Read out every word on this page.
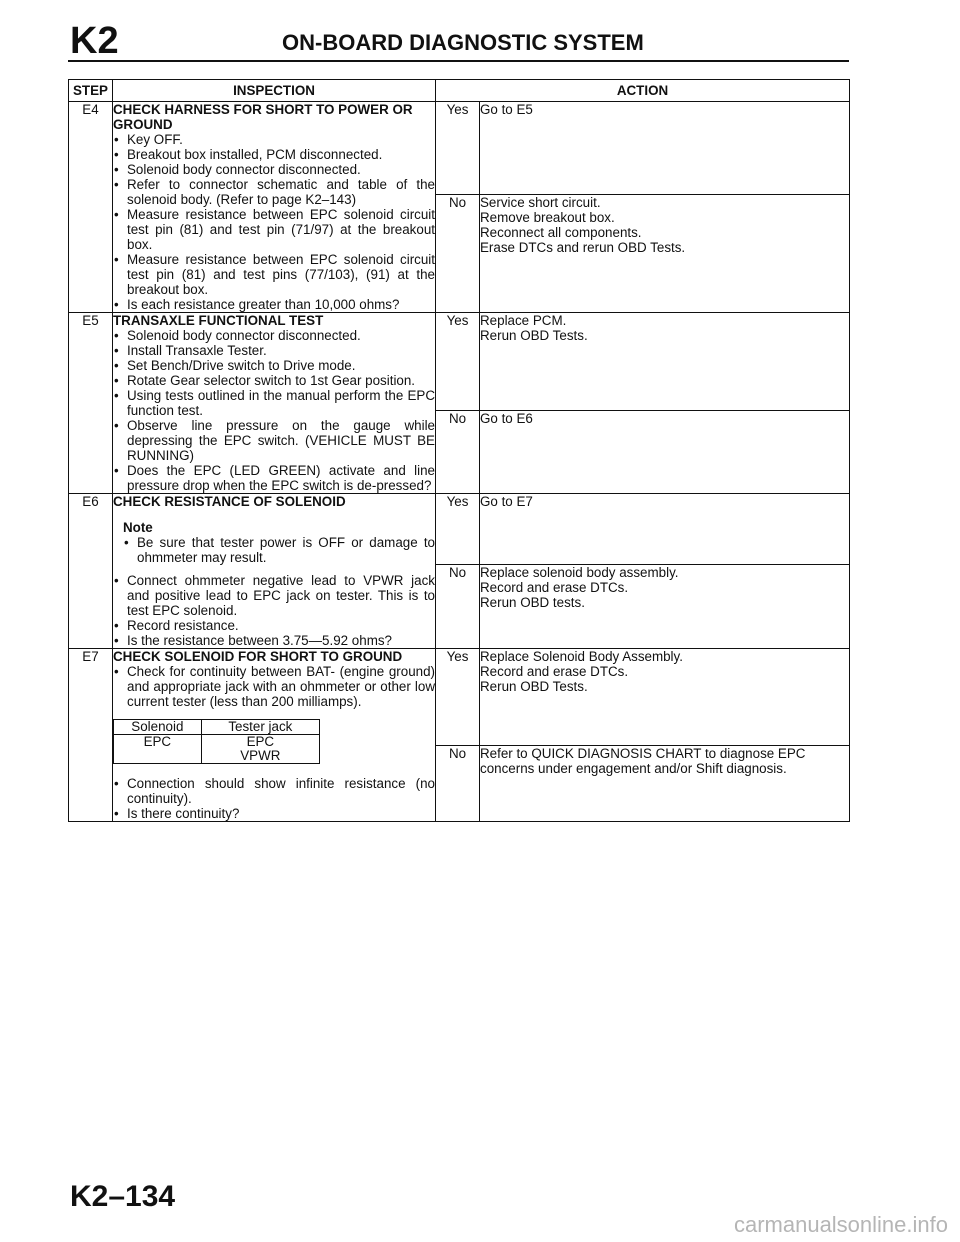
K2	ON-BOARD DIAGNOSTIC SYSTEM
STEP	INSPECTION	ACTION
E4	CHECK HARNESS FOR SHORT TO POWER OR GROUND
• Key OFF.
• Breakout box installed, PCM disconnected.
• Solenoid body connector disconnected.
• Refer to connector schematic and table of the solenoid body. (Refer to page K2–143)
• Measure resistance between EPC solenoid circuit test pin (81) and test pin (71/97) at the breakout box.
• Measure resistance between EPC solenoid circuit test pin (81) and test pins (77/103), (91) at the breakout box.
• Is each resistance greater than 10,000 ohms?
	Yes	Go to E5

No	Service short circuit.
Remove breakout box.
Reconnect all components.
Erase DTCs and rerun OBD Tests.

E5	TRANSAXLE FUNCTIONAL TEST
• Solenoid body connector disconnected.
• Install Transaxle Tester.
• Set Bench/Drive switch to Drive mode.
• Rotate Gear selector switch to 1st Gear position.
• Using tests outlined in the manual perform the EPC function test.
• Observe line pressure on the gauge while depressing the EPC switch. (VEHICLE MUST BE RUNNING)
• Does the EPC (LED GREEN) activate and line pressure drop when the EPC switch is de-pressed?
	Yes	Replace PCM.
Rerun OBD Tests.

No	Go to E6

E6	CHECK RESISTANCE OF SOLENOID
Note
• Be sure that tester power is OFF or damage to ohmmeter may result.
• Connect ohmmeter negative lead to VPWR jack and positive lead to EPC jack on tester. This is to test EPC solenoid.
• Record resistance.
• Is the resistance between 3.75—5.92 ohms?
	Yes	Go to E7

No	Replace solenoid body assembly.
Record and erase DTCs.
Rerun OBD tests.

E7	CHECK SOLENOID FOR SHORT TO GROUND
• Check for continuity between BAT- (engine ground) and appropriate jack with an ohmmeter or other low current tester (less than 200 milliamps).
Solenoid	Tester jack
EPC	EPC
	VPWR
• Connection should show infinite resistance (no continuity).
• Is there continuity?
	Yes	Replace Solenoid Body Assembly.
Record and erase DTCs.
Rerun OBD Tests.

No	Refer to QUICK DIAGNOSIS CHART to diagnose EPC concerns under engagement and/or Shift diagnosis.
K2–134
carmanualsonline.info
